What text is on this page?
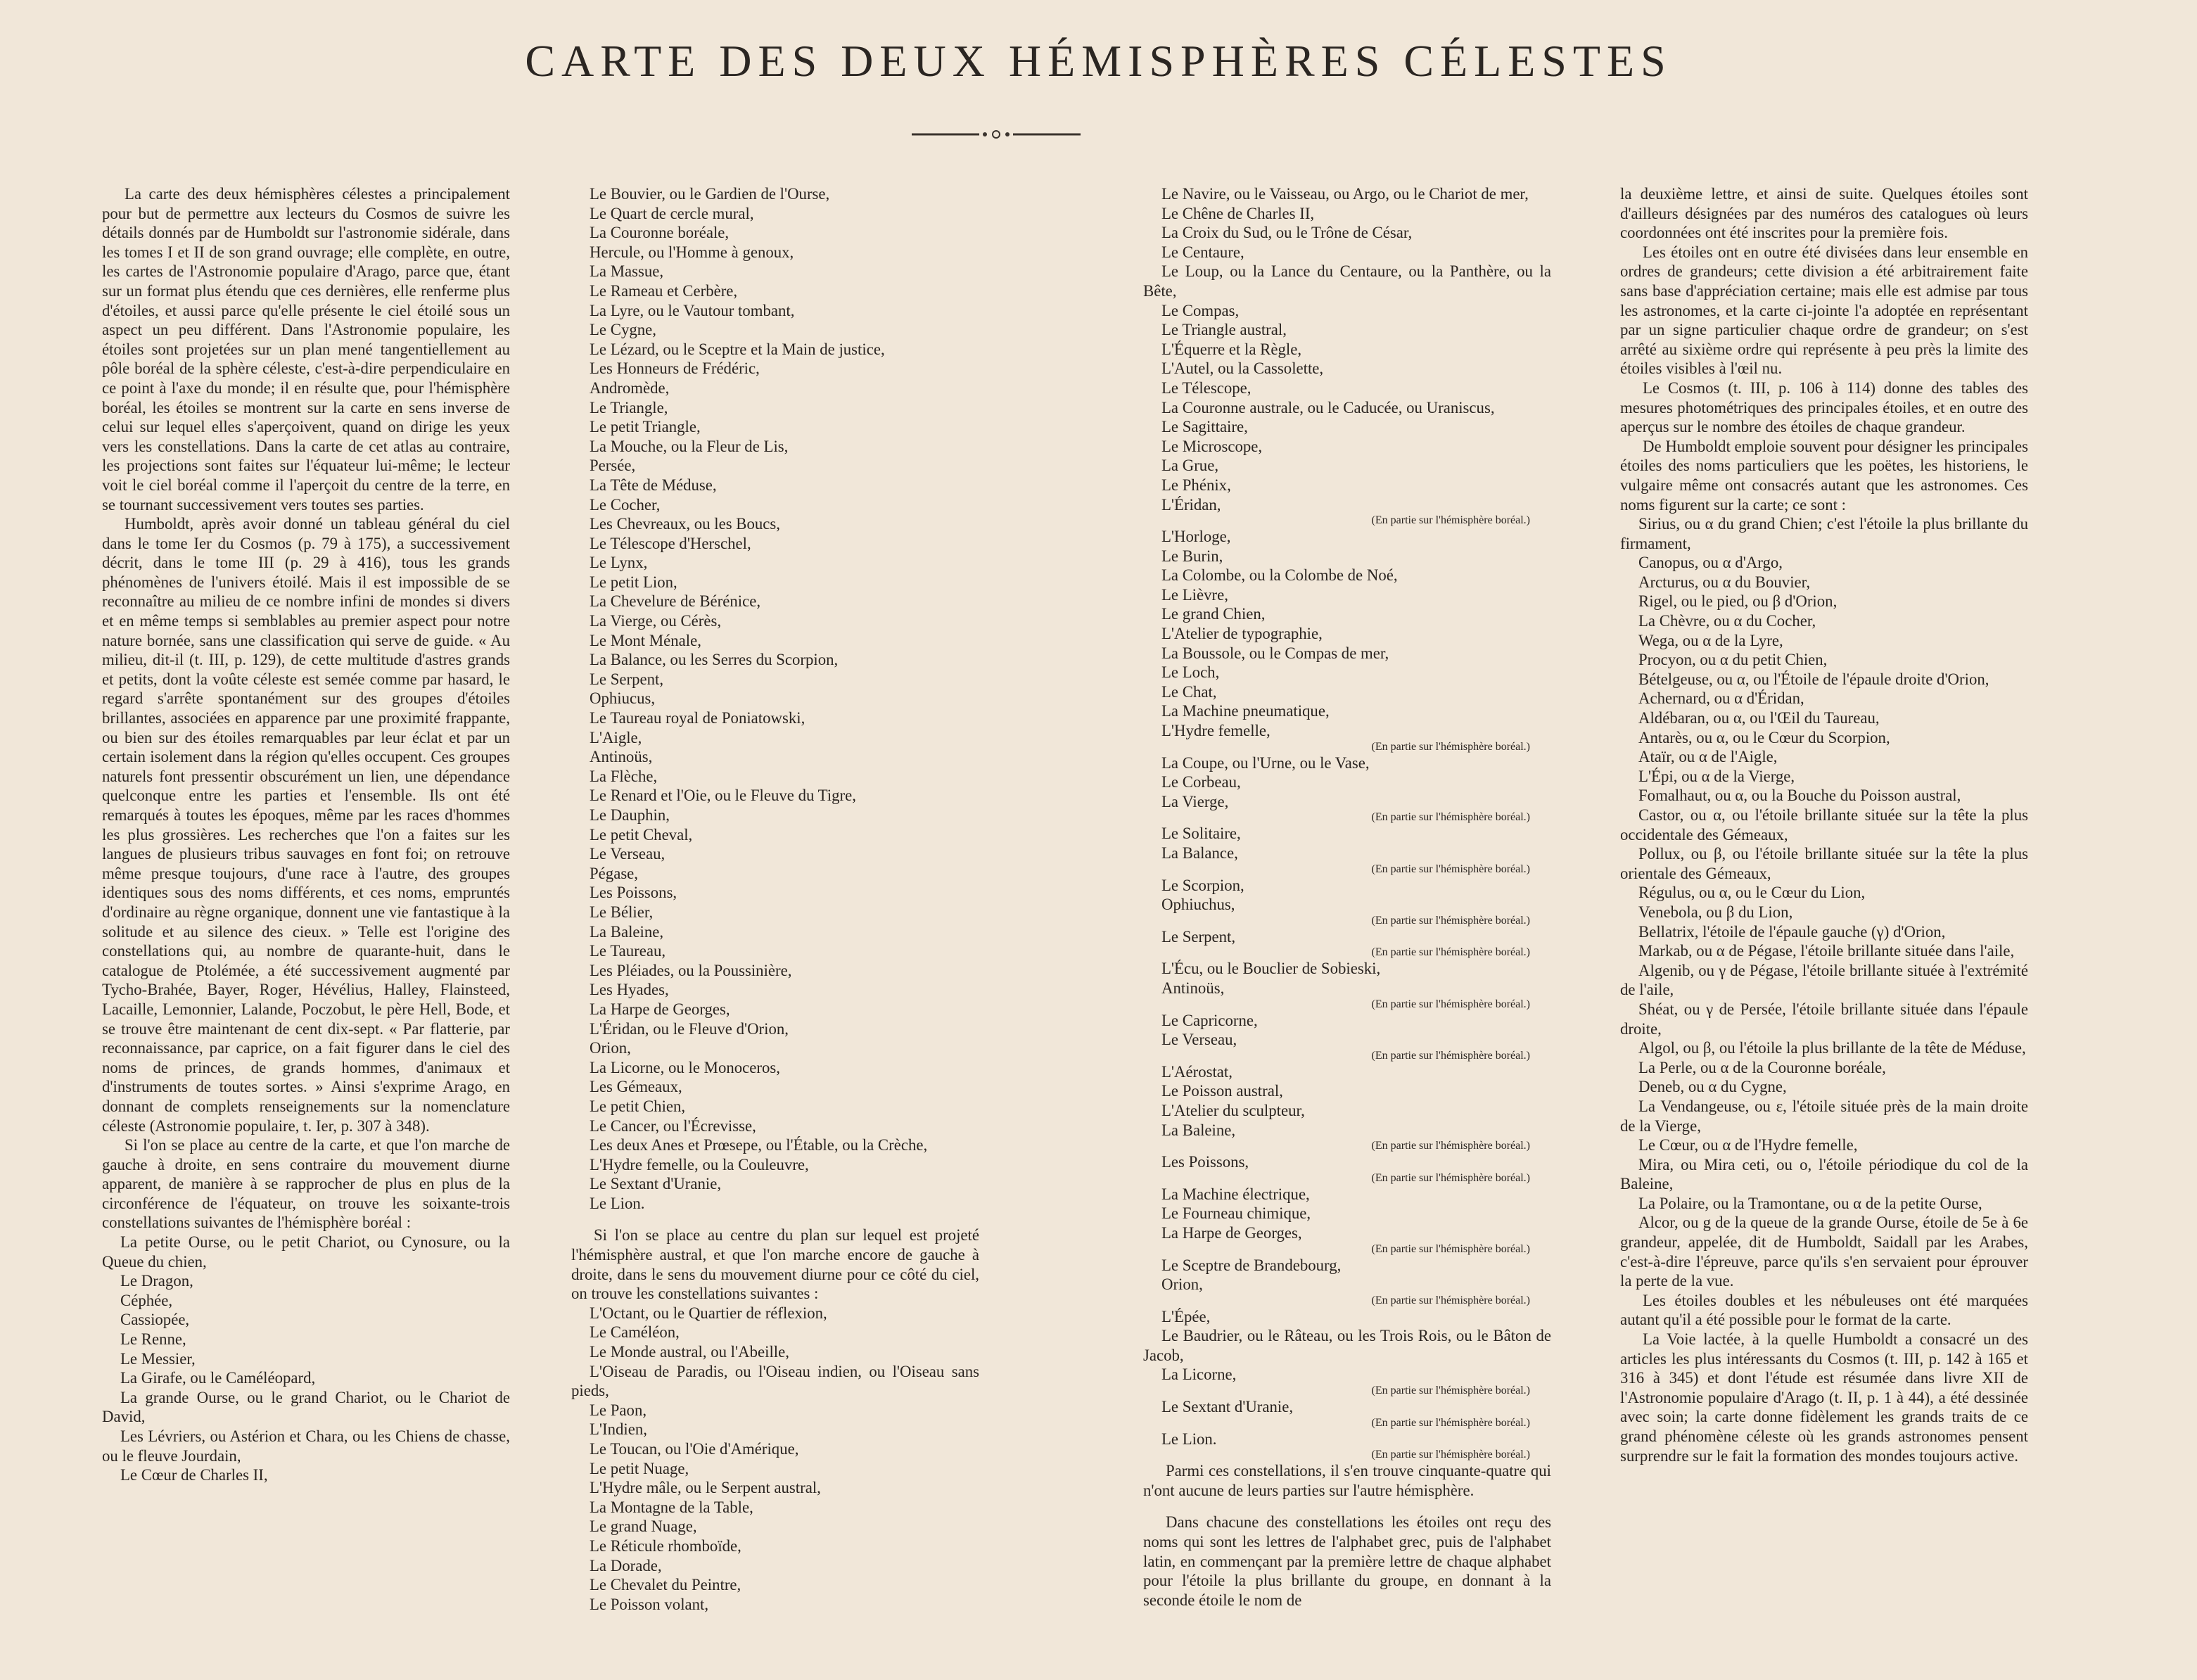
CARTE DES DEUX HÉMISPHÈRES CÉLESTES

La carte des deux hémisphères célestes a principalement pour but de permettre aux lecteurs du Cosmos de suivre les détails donnés par de Humboldt sur l'astronomie sidérale, dans les tomes I et II de son grand ouvrage; elle complète, en outre, les cartes de l'Astronomie populaire d'Arago, parce que, étant sur un format plus étendu que ces dernières, elle renferme plus d'étoiles, et aussi parce qu'elle présente le ciel étoilé sous un aspect un peu différent. Dans l'Astronomie populaire, les étoiles sont projetées sur un plan mené tangentiellement au pôle boréal de la sphère céleste, c'est-à-dire perpendiculaire en ce point à l'axe du monde; il en résulte que, pour l'hémisphère boréal, les étoiles se montrent sur la carte en sens inverse de celui sur lequel elles s'aperçoivent, quand on dirige les yeux vers les constellations. Dans la carte de cet atlas au contraire, les projections sont faites sur l'équateur lui-même; le lecteur voit le ciel boréal comme il l'aperçoit du centre de la terre, en se tournant successivement vers toutes ses parties.

Humboldt, après avoir donné un tableau général du ciel dans le tome Ier du Cosmos (p. 79 à 175), a successivement décrit, dans le tome III (p. 29 à 416), tous les grands phénomènes de l'univers étoilé. Mais il est impossible de se reconnaître au milieu de ce nombre infini de mondes si divers et en même temps si semblables au premier aspect pour notre nature bornée, sans une classification qui serve de guide. « Au milieu, dit-il (t. III, p. 129), de cette multitude d'astres grands et petits, dont la voûte céleste est semée comme par hasard, le regard s'arrête spontanément sur des groupes d'étoiles brillantes, associées en apparence par une proximité frappante, ou bien sur des étoiles remarquables par leur éclat et par un certain isolement dans la région qu'elles occupent. Ces groupes naturels font pressentir obscurément un lien, une dépendance quelconque entre les parties et l'ensemble. Ils ont été remarqués à toutes les époques, même par les races d'hommes les plus grossières. Les recherches que l'on a faites sur les langues de plusieurs tribus sauvages en font foi; on retrouve même presque toujours, d'une race à l'autre, des groupes identiques sous des noms différents, et ces noms, empruntés d'ordinaire au règne organique, donnent une vie fantastique à la solitude et au silence des cieux. » Telle est l'origine des constellations qui, au nombre de quarante-huit, dans le catalogue de Ptolémée, a été successivement augmenté par Tycho-Brahée, Bayer, Roger, Hévélius, Halley, Flainsteed, Lacaille, Lemonnier, Lalande, Poczobut, le père Hell, Bode, et se trouve être maintenant de cent dix-sept. « Par flatterie, par reconnaissance, par caprice, on a fait figurer dans le ciel des noms de princes, de grands hommes, d'animaux et d'instruments de toutes sortes. » Ainsi s'exprime Arago, en donnant de complets renseignements sur la nomenclature céleste (Astronomie populaire, t. Ier, p. 307 à 348).

Si l'on se place au centre de la carte, et que l'on marche de gauche à droite, en sens contraire du mouvement diurne apparent, de manière à se rapprocher de plus en plus de la circonférence de l'équateur, on trouve les soixante-trois constellations suivantes de l'hémisphère boréal :

La petite Ourse, ou le petit Chariot, ou Cynosure, ou la Queue du chien,
Le Dragon,
Céphée,
Cassiopée,
Le Renne,
Le Messier,
La Girafe, ou le Caméléopard,
La grande Ourse, ou le grand Chariot, ou le Chariot de David,
Les Lévriers, ou Astérion et Chara, ou les Chiens de chasse, ou le fleuve Jourdain,
Le Cœur de Charles II,
Le Bouvier, ou le Gardien de l'Ourse,
Le Quart de cercle mural,
La Couronne boréale,
Hercule, ou l'Homme à genoux,
La Massue,
Le Rameau et Cerbère,
La Lyre, ou le Vautour tombant,
Le Cygne,
Le Lézard, ou le Sceptre et la Main de justice,
Les Honneurs de Frédéric,
Andromède,
Le Triangle,
Le petit Triangle,
La Mouche, ou la Fleur de Lis,
Persée,
La Tête de Méduse,
Le Cocher,
Les Chevreaux, ou les Boucs,
Le Télescope d'Herschel,
Le Lynx,
Le petit Lion,
La Chevelure de Bérénice,
La Vierge, ou Cérès,
Le Mont Ménale,
La Balance, ou les Serres du Scorpion,
Le Serpent,
Ophiucus,
Le Taureau royal de Poniatowski,
L'Aigle,
Antinoüs,
La Flèche,
Le Renard et l'Oie, ou le Fleuve du Tigre,
Le Dauphin,
Le petit Cheval,
Le Verseau,
Pégase,
Les Poissons,
Le Bélier,
La Baleine,
Le Taureau,
Les Pléiades, ou la Poussinière,
Les Hyades,
La Harpe de Georges,
L'Éridan, ou le Fleuve d'Orion,
Orion,
La Licorne, ou le Monoceros,
Les Gémeaux,
Le petit Chien,
Le Cancer, ou l'Écrevisse,
Les deux Anes et Prœsepe, ou l'Étable, ou la Crèche,
L'Hydre femelle, ou la Couleuvre,
Le Sextant d'Uranie,
Le Lion.

Si l'on se place au centre du plan sur lequel est projeté l'hémisphère austral, et que l'on marche encore de gauche à droite, dans le sens du mouvement diurne pour ce côté du ciel, on trouve les constellations suivantes :

L'Octant, ou le Quartier de réflexion,
Le Caméléon,
Le Monde austral, ou l'Abeille,
L'Oiseau de Paradis, ou l'Oiseau indien, ou l'Oiseau sans pieds,
Le Paon,
L'Indien,
Le Toucan, ou l'Oie d'Amérique,
Le petit Nuage,
L'Hydre mâle, ou le Serpent austral,
La Montagne de la Table,
Le grand Nuage,
Le Réticule rhomboïde,
La Dorade,
Le Chevalet du Peintre,
Le Poisson volant,
Le Navire, ou le Vaisseau, ou Argo, ou le Chariot de mer,
Le Chêne de Charles II,
La Croix du Sud, ou le Trône de César,
Le Centaure,
Le Loup, ou la Lance du Centaure, ou la Panthère, ou la Bête,
Le Compas,
Le Triangle austral,
L'Équerre et la Règle,
L'Autel, ou la Cassolette,
Le Télescope,
La Couronne australe, ou le Caducée, ou Uraniscus,
Le Sagittaire,
Le Microscope,
La Grue,
Le Phénix,
L'Éridan,
(En partie sur l'hémisphère boréal.)
L'Horloge,
Le Burin,
La Colombe, ou la Colombe de Noé,
Le Lièvre,
Le grand Chien,
L'Atelier de typographie,
La Boussole, ou le Compas de mer,
Le Loch,
Le Chat,
La Machine pneumatique,
L'Hydre femelle,
(En partie sur l'hémisphère boréal.)
La Coupe, ou l'Urne, ou le Vase,
Le Corbeau,
La Vierge,
(En partie sur l'hémisphère boréal.)
Le Solitaire,
La Balance,
(En partie sur l'hémisphère boréal.)
Le Scorpion,
Ophiuchus,
(En partie sur l'hémisphère boréal.)
Le Serpent,
(En partie sur l'hémisphère boréal.)
L'Écu, ou le Bouclier de Sobieski,
Antinoüs,
(En partie sur l'hémisphère boréal.)
Le Capricorne,
Le Verseau,
(En partie sur l'hémisphère boréal.)
L'Aérostat,
Le Poisson austral,
L'Atelier du sculpteur,
La Baleine,
(En partie sur l'hémisphère boréal.)
Les Poissons,
(En partie sur l'hémisphère boréal.)
La Machine électrique,
Le Fourneau chimique,
La Harpe de Georges,
(En partie sur l'hémisphère boréal.)
Le Sceptre de Brandebourg,
Orion,
(En partie sur l'hémisphère boréal.)
L'Épée,
Le Baudrier, ou le Râteau, ou les Trois Rois, ou le Bâton de Jacob,
La Licorne,
(En partie sur l'hémisphère boréal.)
Le Sextant d'Uranie,
(En partie sur l'hémisphère boréal.)
Le Lion.
(En partie sur l'hémisphère boréal.)

Parmi ces constellations, il s'en trouve cinquante-quatre qui n'ont aucune de leurs parties sur l'autre hémisphère.

Dans chacune des constellations les étoiles ont reçu des noms qui sont les lettres de l'alphabet grec, puis de l'alphabet latin, en commençant par la première lettre de chaque alphabet pour l'étoile la plus brillante du groupe, en donnant à la seconde étoile le nom de

la deuxième lettre, et ainsi de suite. Quelques étoiles sont d'ailleurs désignées par des numéros des catalogues où leurs coordonnées ont été inscrites pour la première fois.

Les étoiles ont en outre été divisées dans leur ensemble en ordres de grandeurs; cette division a été arbitrairement faite sans base d'appréciation certaine; mais elle est admise par tous les astronomes, et la carte ci-jointe l'a adoptée en représentant par un signe particulier chaque ordre de grandeur; on s'est arrêté au sixième ordre qui représente à peu près la limite des étoiles visibles à l'œil nu.

Le Cosmos (t. III, p. 106 à 114) donne des tables des mesures photométriques des principales étoiles, et en outre des aperçus sur le nombre des étoiles de chaque grandeur.

De Humboldt emploie souvent pour désigner les principales étoiles des noms particuliers que les poëtes, les historiens, le vulgaire même ont consacrés autant que les astronomes. Ces noms figurent sur la carte; ce sont :

Sirius, ou α du grand Chien; c'est l'étoile la plus brillante du firmament,
Canopus, ou α d'Argo,
Arcturus, ou α du Bouvier,
Rigel, ou le pied, ou β d'Orion,
La Chèvre, ou α du Cocher,
Wega, ou α de la Lyre,
Procyon, ou α du petit Chien,
Bételgeuse, ou α, ou l'Étoile de l'épaule droite d'Orion,
Achernard, ou α d'Éridan,
Aldébaran, ou α, ou l'Œil du Taureau,
Antarès, ou α, ou le Cœur du Scorpion,
Ataïr, ou α de l'Aigle,
L'Épi, ou α de la Vierge,
Fomalhaut, ou α, ou la Bouche du Poisson austral,
Castor, ou α, ou l'étoile brillante située sur la tête la plus occidentale des Gémeaux,
Pollux, ou β, ou l'étoile brillante située sur la tête la plus orientale des Gémeaux,
Régulus, ou α, ou le Cœur du Lion,
Venebola, ou β du Lion,
Bellatrix, l'étoile de l'épaule gauche (γ) d'Orion,
Markab, ou α de Pégase, l'étoile brillante située dans l'aile,
Algenib, ou γ de Pégase, l'étoile brillante située à l'extrémité de l'aile,
Shéat, ou γ de Persée, l'étoile brillante située dans l'épaule droite,
Algol, ou β, ou l'étoile la plus brillante de la tête de Méduse,
La Perle, ou α de la Couronne boréale,
Deneb, ou α du Cygne,
La Vendangeuse, ou ε, l'étoile située près de la main droite de la Vierge,
Le Cœur, ou α de l'Hydre femelle,
Mira, ou Mira ceti, ou ο, l'étoile périodique du col de la Baleine,
La Polaire, ou la Tramontane, ou α de la petite Ourse,
Alcor, ou g de la queue de la grande Ourse, étoile de 5e à 6e grandeur, appelée, dit de Humboldt, Saidall par les Arabes, c'est-à-dire l'épreuve, parce qu'ils s'en servaient pour éprouver la perte de la vue.

Les étoiles doubles et les nébuleuses ont été marquées autant qu'il a été possible pour le format de la carte.

La Voie lactée, à la quelle Humboldt a consacré un des articles les plus intéressants du Cosmos (t. III, p. 142 à 165 et 316 à 345) et dont l'étude est résumée dans livre XII de l'Astronomie populaire d'Arago (t. II, p. 1 à 44), a été dessinée avec soin; la carte donne fidèlement les grands traits de ce grand phénomène céleste où les grands astronomes pensent surprendre sur le fait la formation des mondes toujours active.
